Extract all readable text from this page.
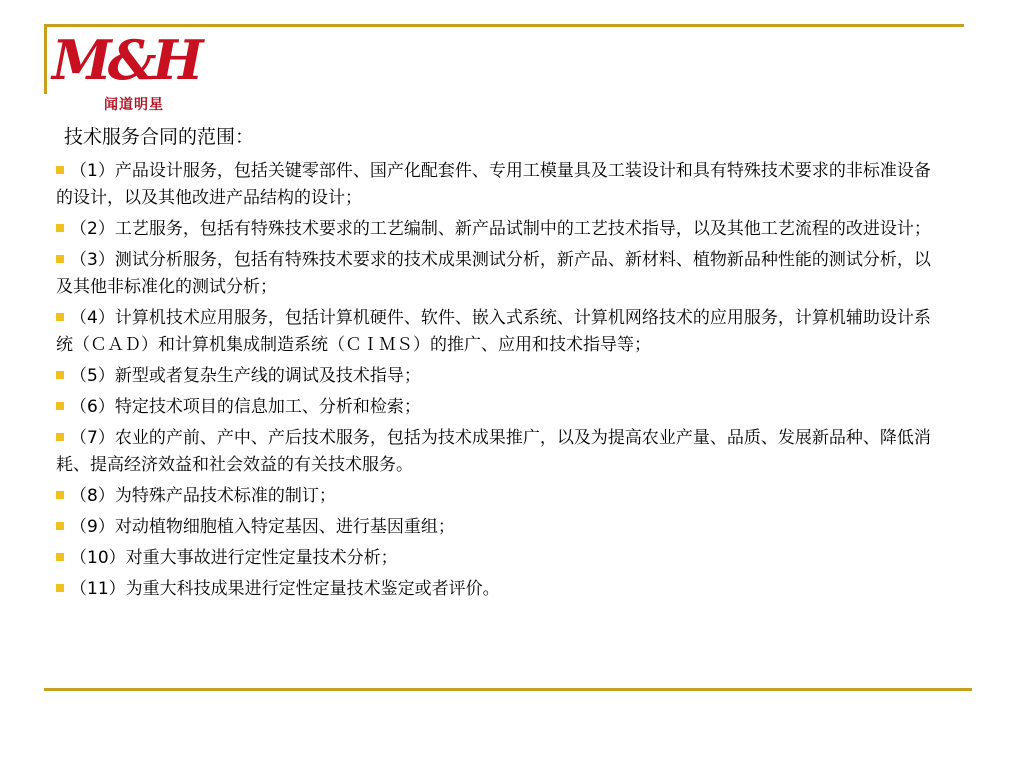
M&H
闻道明星
技术服务合同的范围：
（1）产品设计服务，包括关键零部件、国产化配套件、专用工模量具及工装设计和具有特殊技术要求的非标准设备的设计，以及其他改进产品结构的设计；
（2）工艺服务，包括有特殊技术要求的工艺编制、新产品试制中的工艺技术指导，以及其他工艺流程的改进设计；
（3）测试分析服务，包括有特殊技术要求的技术成果测试分析，新产品、新材料、植物新品种性能的测试分析，以及其他非标准化的测试分析；
（4）计算机技术应用服务，包括计算机硬件、软件、嵌入式系统、计算机网络技术的应用服务，计算机辅助设计系统（ＣＡＤ）和计算机集成制造系统（ＣＩＭＳ）的推广、应用和技术指导等；
（5）新型或者复杂生产线的调试及技术指导；
（6）特定技术项目的信息加工、分析和检索；
（7）农业的产前、产中、产后技术服务，包括为技术成果推广，以及为提高农业产量、品质、发展新品种、降低消耗、提高经济效益和社会效益的有关技术服务。
（8）为特殊产品技术标准的制订；
（9）对动植物细胞植入特定基因、进行基因重组；
（10）对重大事故进行定性定量技术分析；
（11）为重大科技成果进行定性定量技术鉴定或者评价。
